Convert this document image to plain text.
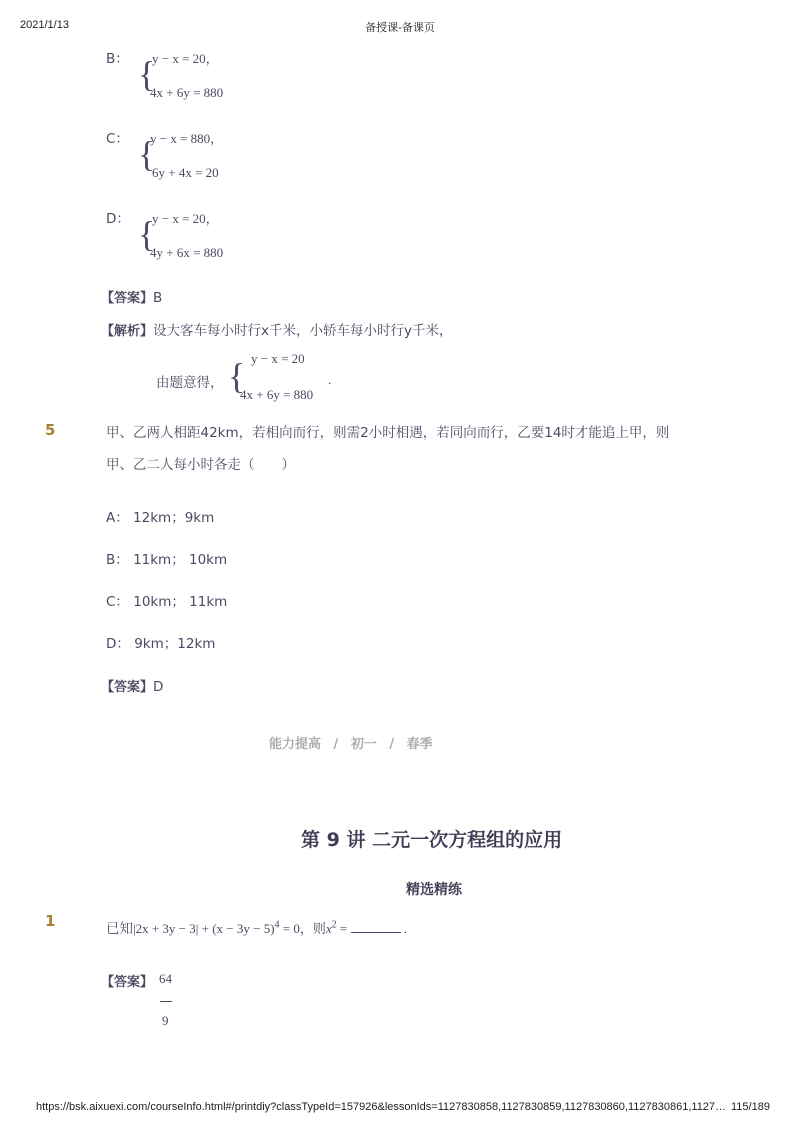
2021/1/13	备授课-备课页
B： {
y − x = 20，
4x + 6y = 880
C： {
y − x = 880，
6y + 4x = 20
D： {
y − x = 20，
4y + 6x = 880
【答案】B
【解析】设大客车每小时行x千米，小轿车每小时行y千米，
由题意得， { y − x = 20
4x + 6y = 880
.
5	甲、乙两人相距42km，若相向而行，则需2小时相遇，若同向而行，乙要14时才能追上甲，则
甲、乙二人每小时各走（　　）
A： 12km；9km
B： 11km； 10km
C： 10km； 11km
D： 9km；12km
【答案】D
能力提高 / 初一 / 春季
第 9 讲 二元一次方程组的应用
精选精练
1	已知$|2x + 3y - 3| + (x - 3y - 5)^4 = 0$，则$x^2$ =	.
【答案】 64
9
https://bsk.aixuexi.com/courseInfo.html#/printdiy?classTypeId=157926&lessonIds=1127830858,1127830859,1127830860,1127830861,1127… 115/189
